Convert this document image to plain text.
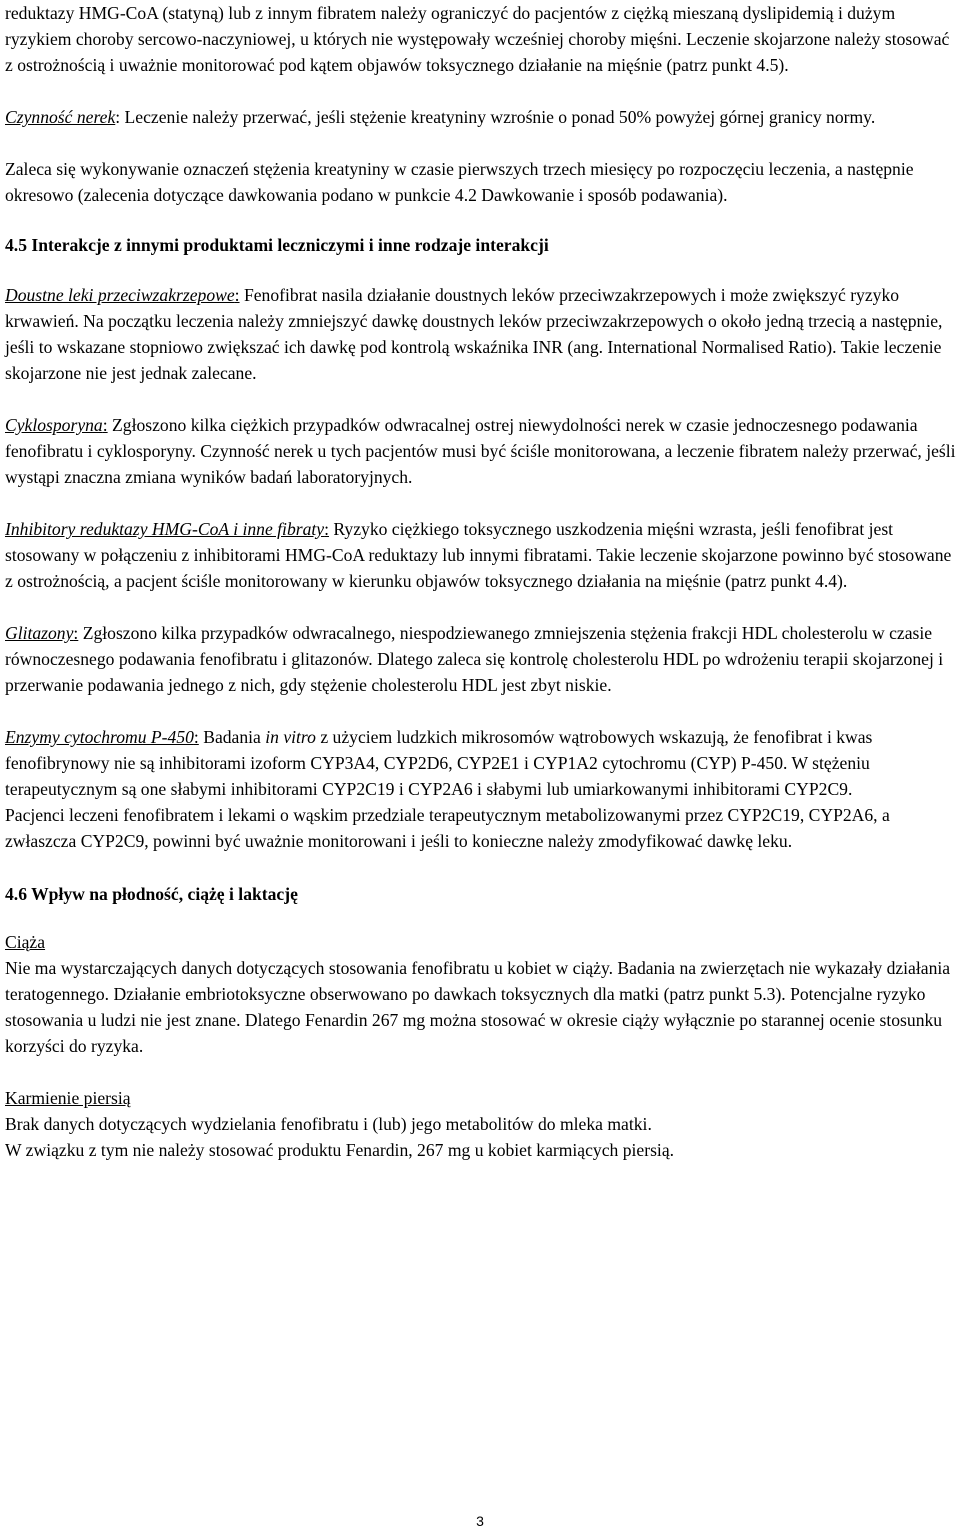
reduktazy HMG-CoA (statyną) lub z innym fibratem należy ograniczyć do pacjentów z ciężką mieszaną dyslipidemią i dużym ryzykiem choroby sercowo-naczyniowej, u których nie występowały wcześniej choroby mięśni. Leczenie skojarzone należy stosować z ostrożnością i uważnie monitorować pod kątem objawów toksycznego działanie na mięśnie (patrz punkt 4.5).

Czynność nerek: Leczenie należy przerwać, jeśli stężenie kreatyniny wzrośnie o ponad 50% powyżej górnej granicy normy.

Zaleca się wykonywanie oznaczeń stężenia kreatyniny w czasie pierwszych trzech miesięcy po rozpoczęciu leczenia, a następnie okresowo (zalecenia dotyczące dawkowania podano w punkcie 4.2 Dawkowanie i sposób podawania).

4.5 Interakcje z innymi produktami leczniczymi i inne rodzaje interakcji

Doustne leki przeciwzakrzepowe: Fenofibrat nasila działanie doustnych leków przeciwzakrzepowych i może zwiększyć ryzyko krwawień. Na początku leczenia należy zmniejszyć dawkę doustnych leków przeciwzakrzepowych o około jedną trzecią a następnie, jeśli to wskazane stopniowo zwiększać ich dawkę pod kontrolą wskaźnika INR (ang. International Normalised Ratio). Takie leczenie skojarzone nie jest jednak zalecane.

Cyklosporyna: Zgłoszono kilka ciężkich przypadków odwracalnej ostrej niewydolności nerek w czasie jednoczesnego podawania fenofibratu i cyklosporyny. Czynność nerek u tych pacjentów musi być ściśle monitorowana, a leczenie fibratem należy przerwać, jeśli wystąpi znaczna zmiana wyników badań laboratoryjnych.

Inhibitory reduktazy HMG-CoA i inne fibraty: Ryzyko ciężkiego toksycznego uszkodzenia mięśni wzrasta, jeśli fenofibrat jest stosowany w połączeniu z inhibitorami HMG-CoA reduktazy lub innymi fibratami. Takie leczenie skojarzone powinno być stosowane z ostrożnością, a pacjent ściśle monitorowany w kierunku objawów toksycznego działania na mięśnie (patrz punkt 4.4).

Glitazony: Zgłoszono kilka przypadków odwracalnego, niespodziewanego zmniejszenia stężenia frakcji HDL cholesterolu w czasie równoczesnego podawania fenofibratu i glitazonów. Dlatego zaleca się kontrolę cholesterolu HDL po wdrożeniu terapii skojarzonej i przerwanie podawania jednego z nich, gdy stężenie cholesterolu HDL jest zbyt niskie.

Enzymy cytochromu P-450: Badania in vitro z użyciem ludzkich mikrosomów wątrobowych wskazują, że fenofibrat i kwas fenofibrynowy nie są inhibitorami izoform CYP3A4, CYP2D6, CYP2E1 i CYP1A2 cytochromu (CYP) P-450. W stężeniu terapeutycznym są one słabymi inhibitorami CYP2C19 i CYP2A6 i słabymi lub umiarkowanymi inhibitorami CYP2C9.

Pacjenci leczeni fenofibratem i lekami o wąskim przedziale terapeutycznym metabolizowanymi przez CYP2C19, CYP2A6, a zwłaszcza CYP2C9, powinni być uważnie monitorowani i jeśli to konieczne należy zmodyfikować dawkę leku.

4.6 Wpływ na płodność, ciążę i laktację

Ciąża

Nie ma wystarczających danych dotyczących stosowania fenofibratu u kobiet w ciąży. Badania na zwierzętach nie wykazały działania teratogennego. Działanie embriotoksyczne obserwowano po dawkach toksycznych dla matki (patrz punkt 5.3). Potencjalne ryzyko stosowania u ludzi nie jest znane. Dlatego Fenardin 267 mg można stosować w okresie ciąży wyłącznie po starannej ocenie stosunku korzyści do ryzyka.

Karmienie piersią

Brak danych dotyczących wydzielania fenofibratu i (lub) jego metabolitów do mleka matki.

W związku z tym nie należy stosować produktu Fenardin, 267 mg u kobiet karmiących piersią.

3
